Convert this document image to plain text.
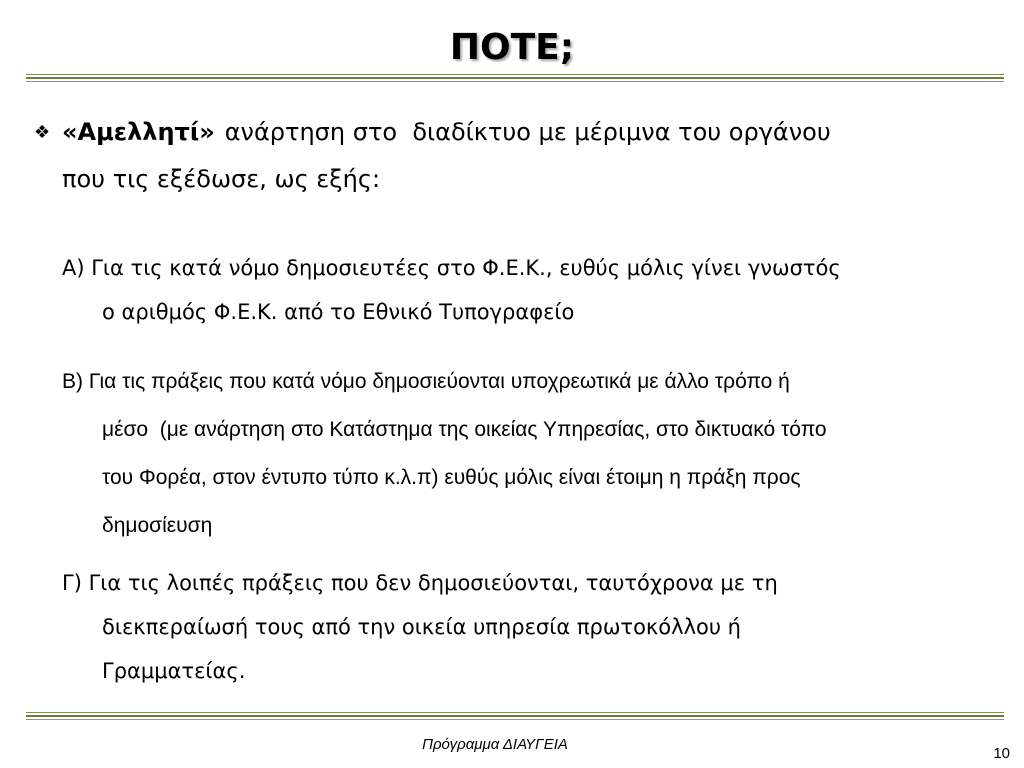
ΠΟΤΕ;
❖ «Αμελλητί» ανάρτηση στο  διαδίκτυο με μέριμνα του οργάνου
που τις εξέδωσε, ως εξής:
Α) Για τις κατά νόμο δημοσιευτέες στο Φ.Ε.Κ., ευθύς μόλις γίνει γνωστός
ο αριθμός Φ.Ε.Κ. από το Εθνικό Τυπογραφείο
Β) Για τις πράξεις που κατά νόμο δημοσιεύονται υποχρεωτικά με άλλο τρόπο ή
μέσο  (με ανάρτηση στο Κατάστημα της οικείας Υπηρεσίας, στο δικτυακό τόπο
του Φορέα, στον έντυπο τύπο κ.λ.π) ευθύς μόλις είναι έτοιμη η πράξη προς
δημοσίευση
Γ) Για τις λοιπές πράξεις που δεν δημοσιεύονται, ταυτόχρονα με τη
διεκπεραίωσή τους από την οικεία υπηρεσία πρωτοκόλλου ή
Γραμματείας.
Πρόγραμμα ΔΙΑΥΓΕΙΑ
10
